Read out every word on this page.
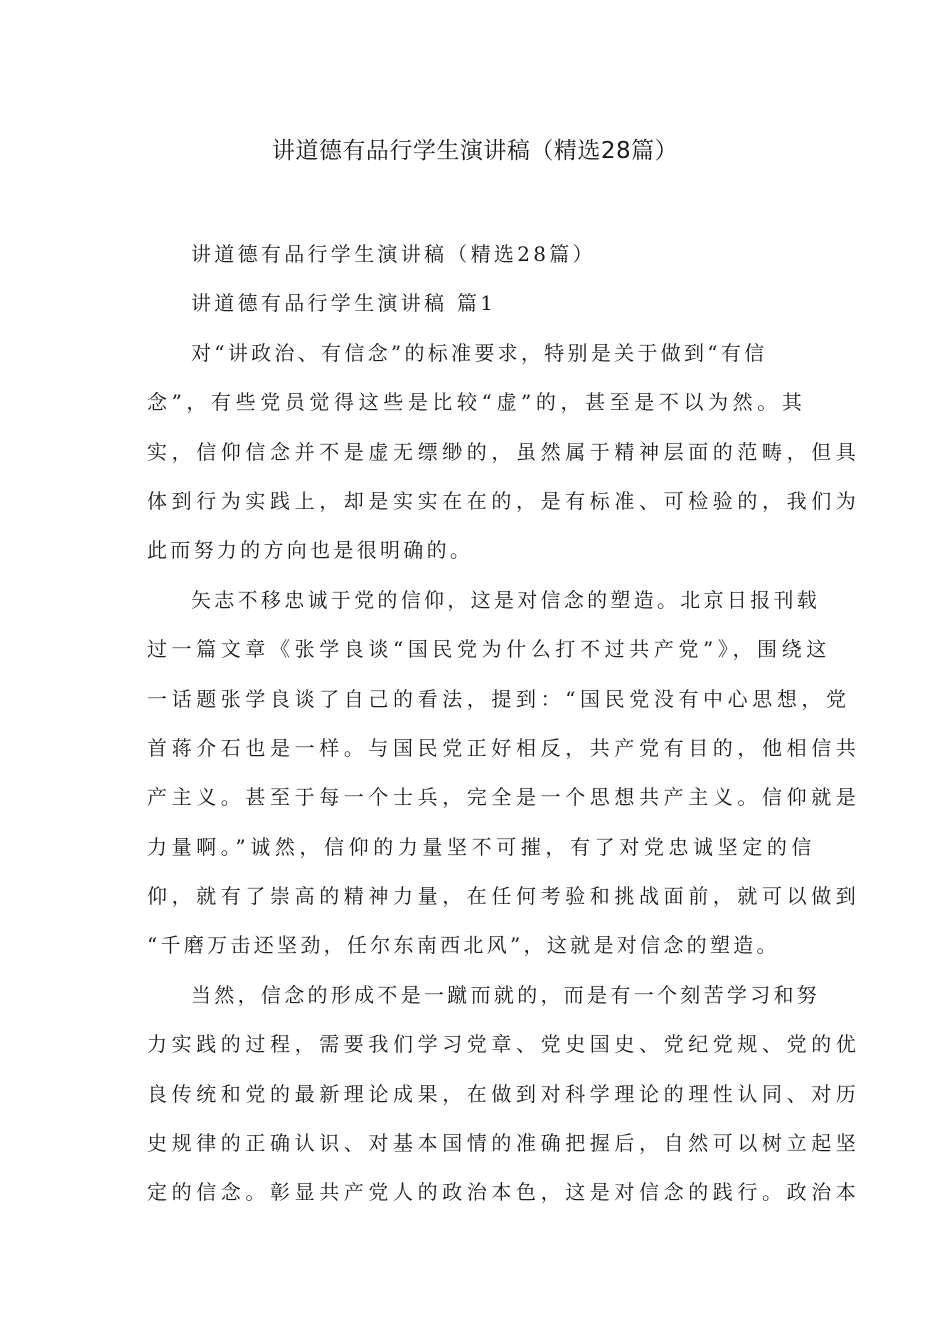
讲道德有品行学生演讲稿（精选28篇）
讲道德有品行学生演讲稿（精选28篇）
讲道德有品行学生演讲稿 篇1
对“讲政治、有信念”的标准要求，特别是关于做到“有信
念”，有些党员觉得这些是比较“虚”的，甚至是不以为然。其
实，信仰信念并不是虚无缥缈的，虽然属于精神层面的范畴，但具
体到行为实践上，却是实实在在的，是有标准、可检验的，我们为
此而努力的方向也是很明确的。
矢志不移忠诚于党的信仰，这是对信念的塑造。北京日报刊载
过一篇文章《张学良谈“国民党为什么打不过共产党”》，围绕这
一话题张学良谈了自己的看法，提到：“国民党没有中心思想，党
首蒋介石也是一样。与国民党正好相反，共产党有目的，他相信共
产主义。甚至于每一个士兵，完全是一个思想共产主义。信仰就是
力量啊。”诚然，信仰的力量坚不可摧，有了对党忠诚坚定的信
仰，就有了崇高的精神力量，在任何考验和挑战面前，就可以做到
“千磨万击还坚劲，任尔东南西北风”，这就是对信念的塑造。
当然，信念的形成不是一蹴而就的，而是有一个刻苦学习和努
力实践的过程，需要我们学习党章、党史国史、党纪党规、党的优
良传统和党的最新理论成果，在做到对科学理论的理性认同、对历
史规律的正确认识、对基本国情的准确把握后，自然可以树立起坚
定的信念。彰显共产党人的政治本色，这是对信念的践行。政治本
